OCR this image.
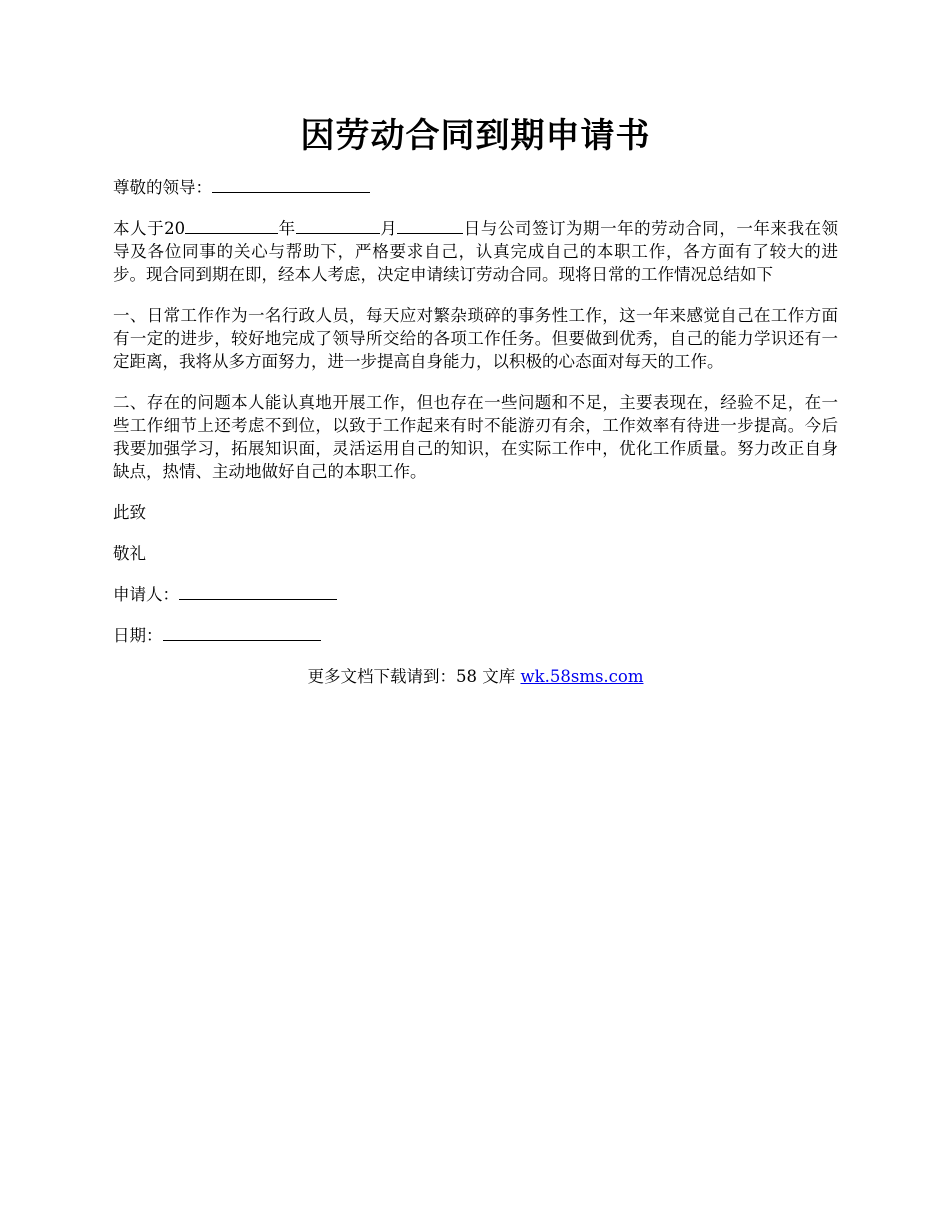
因劳动合同到期申请书

尊敬的领导：

本人于20	年	月	日与公司签订为期一年的劳动合同，一年来我在领导及各位同事的关心与帮助下，严格要求自己，认真完成自己的本职工作，各方面有了较大的进步。现合同到期在即，经本人考虑，决定申请续订劳动合同。现将日常的工作情况总结如下

一、日常工作作为一名行政人员，每天应对繁杂琐碎的事务性工作，这一年来感觉自己在工作方面有一定的进步，较好地完成了领导所交给的各项工作任务。但要做到优秀，自己的能力学识还有一定距离，我将从多方面努力，进一步提高自身能力，以积极的心态面对每天的工作。

二、存在的问题本人能认真地开展工作，但也存在一些问题和不足，主要表现在，经验不足，在一些工作细节上还考虑不到位，以致于工作起来有时不能游刃有余，工作效率有待进一步提高。今后我要加强学习，拓展知识面，灵活运用自己的知识，在实际工作中，优化工作质量。努力改正自身缺点，热情、主动地做好自己的本职工作。

此致

敬礼

申请人：

日期：

更多文档下载请到：58 文库 wk.58sms.com
